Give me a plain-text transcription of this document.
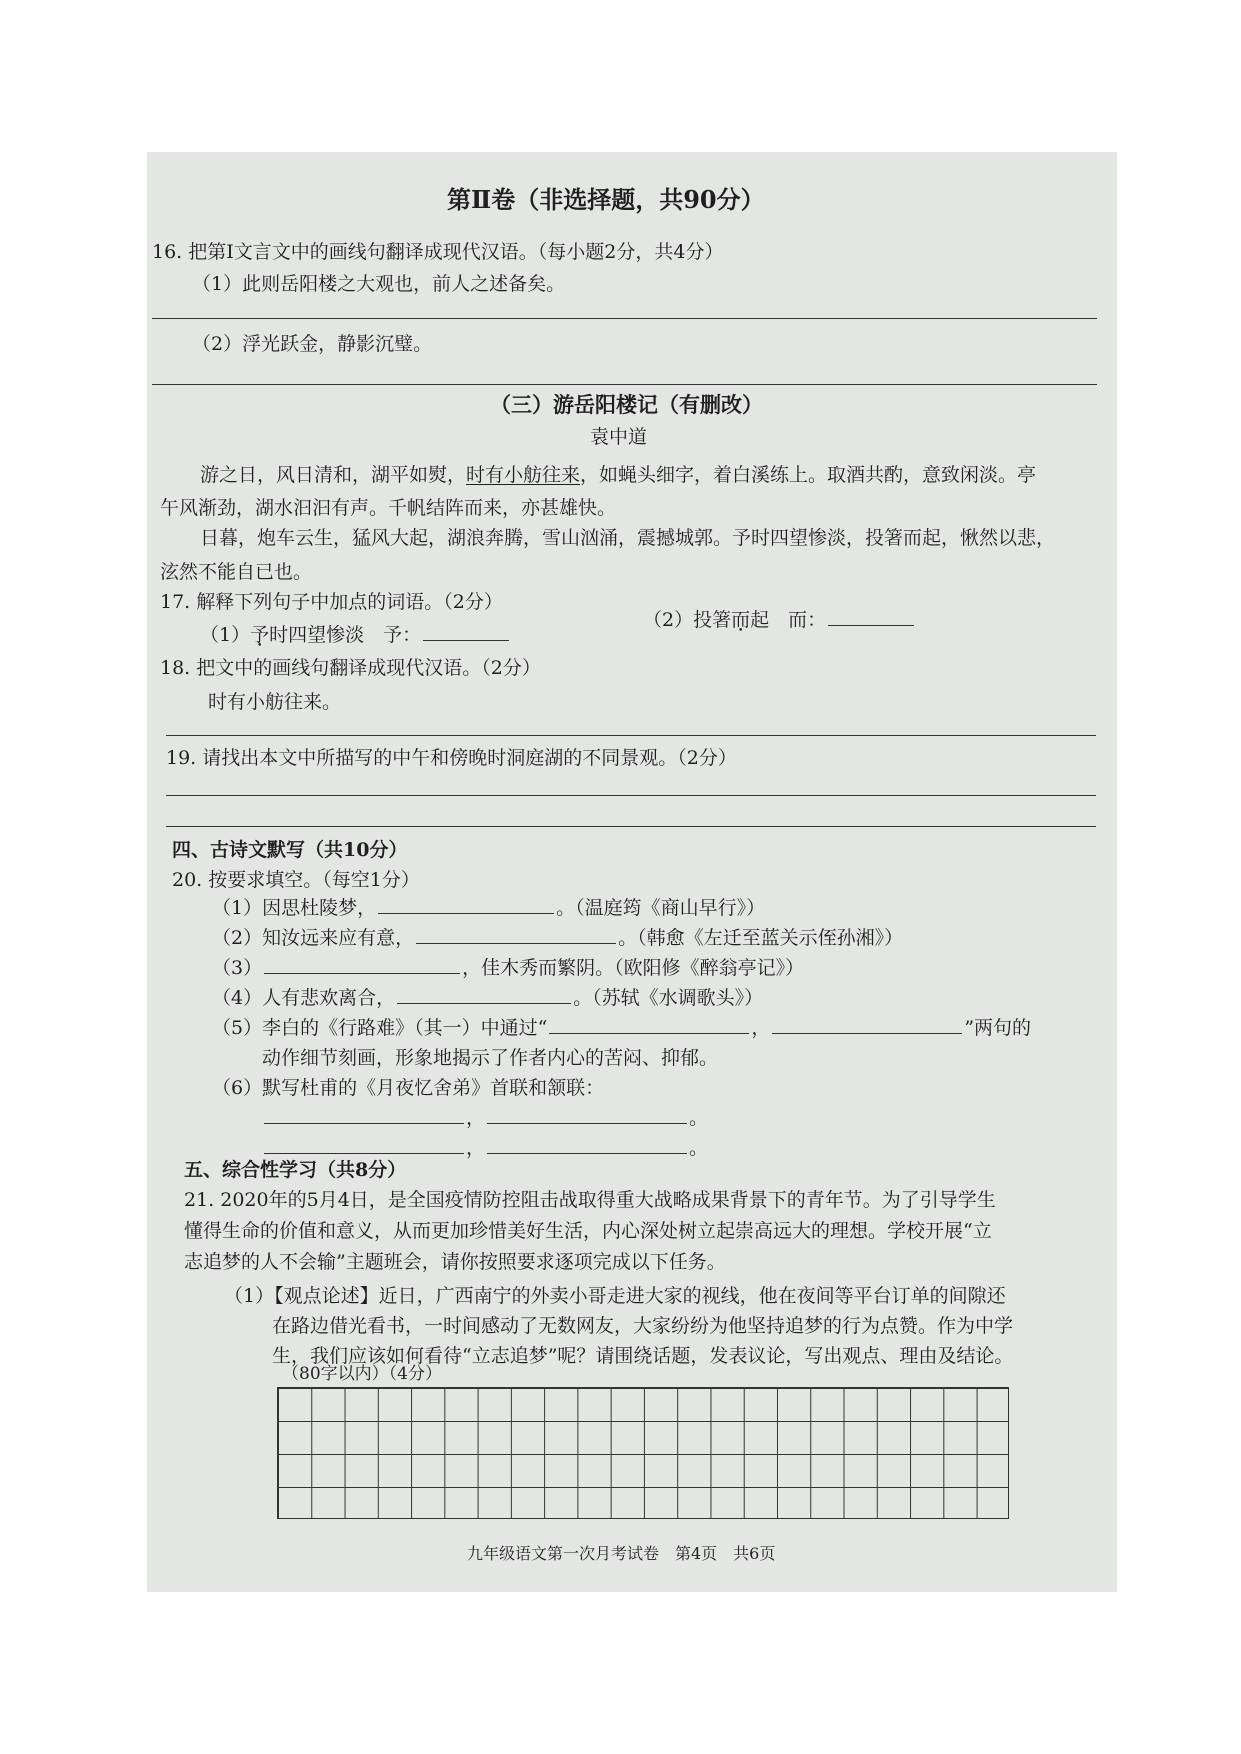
第Ⅱ卷（非选择题，共90分）
16. 把第Ⅰ文言文中的画线句翻译成现代汉语。（每小题2分，共4分）
（1）此则岳阳楼之大观也，前人之述备矣。
（2）浮光跃金，静影沉璧。
（三）游岳阳楼记（有删改）
袁中道
游之日，风日清和，湖平如熨，时有小舫往来，如蝇头细字，着白溪练上。取酒共酌，意致闲淡。亭
午风渐劲，湖水汩汩有声。千帆结阵而来，亦甚雄快。
日暮，炮车云生，猛风大起，湖浪奔腾，雪山汹涌，震撼城郭。予时四望惨淡，投箸而起，愀然以悲，
泫然不能自已也。
17. 解释下列句子中加点的词语。（2分）
（1）予时四望惨淡　予：
（2）投箸而起　而：
18. 把文中的画线句翻译成现代汉语。（2分）
时有小舫往来。
19. 请找出本文中所描写的中午和傍晚时洞庭湖的不同景观。（2分）
四、古诗文默写（共10分）
20. 按要求填空。（每空1分）
（1）因思杜陵梦，	。（温庭筠《商山早行》）
（2）知汝远来应有意，	。（韩愈《左迁至蓝关示侄孙湘》）
（3）	，佳木秀而繁阴。（欧阳修《醉翁亭记》）
（4）人有悲欢离合，	。（苏轼《水调歌头》）
（5）李白的《行路难》（其一）中通过“	，	”两句的
动作细节刻画，形象地揭示了作者内心的苦闷、抑郁。
（6）默写杜甫的《月夜忆舍弟》首联和颔联：
，	。
，	。
五、综合性学习（共8分）
21. 2020年的5月4日，是全国疫情防控阻击战取得重大战略成果背景下的青年节。为了引导学生
懂得生命的价值和意义，从而更加珍惜美好生活，内心深处树立起崇高远大的理想。学校开展“立
志追梦的人不会输”主题班会，请你按照要求逐项完成以下任务。
（1）【观点论述】近日，广西南宁的外卖小哥走进大家的视线，他在夜间等平台订单的间隙还
在路边借光看书，一时间感动了无数网友，大家纷纷为他坚持追梦的行为点赞。作为中学
生，我们应该如何看待“立志追梦”呢？请围绕话题，发表议论，写出观点、理由及结论。
（80字以内）（4分）
九年级语文第一次月考试卷　第4页　共6页
